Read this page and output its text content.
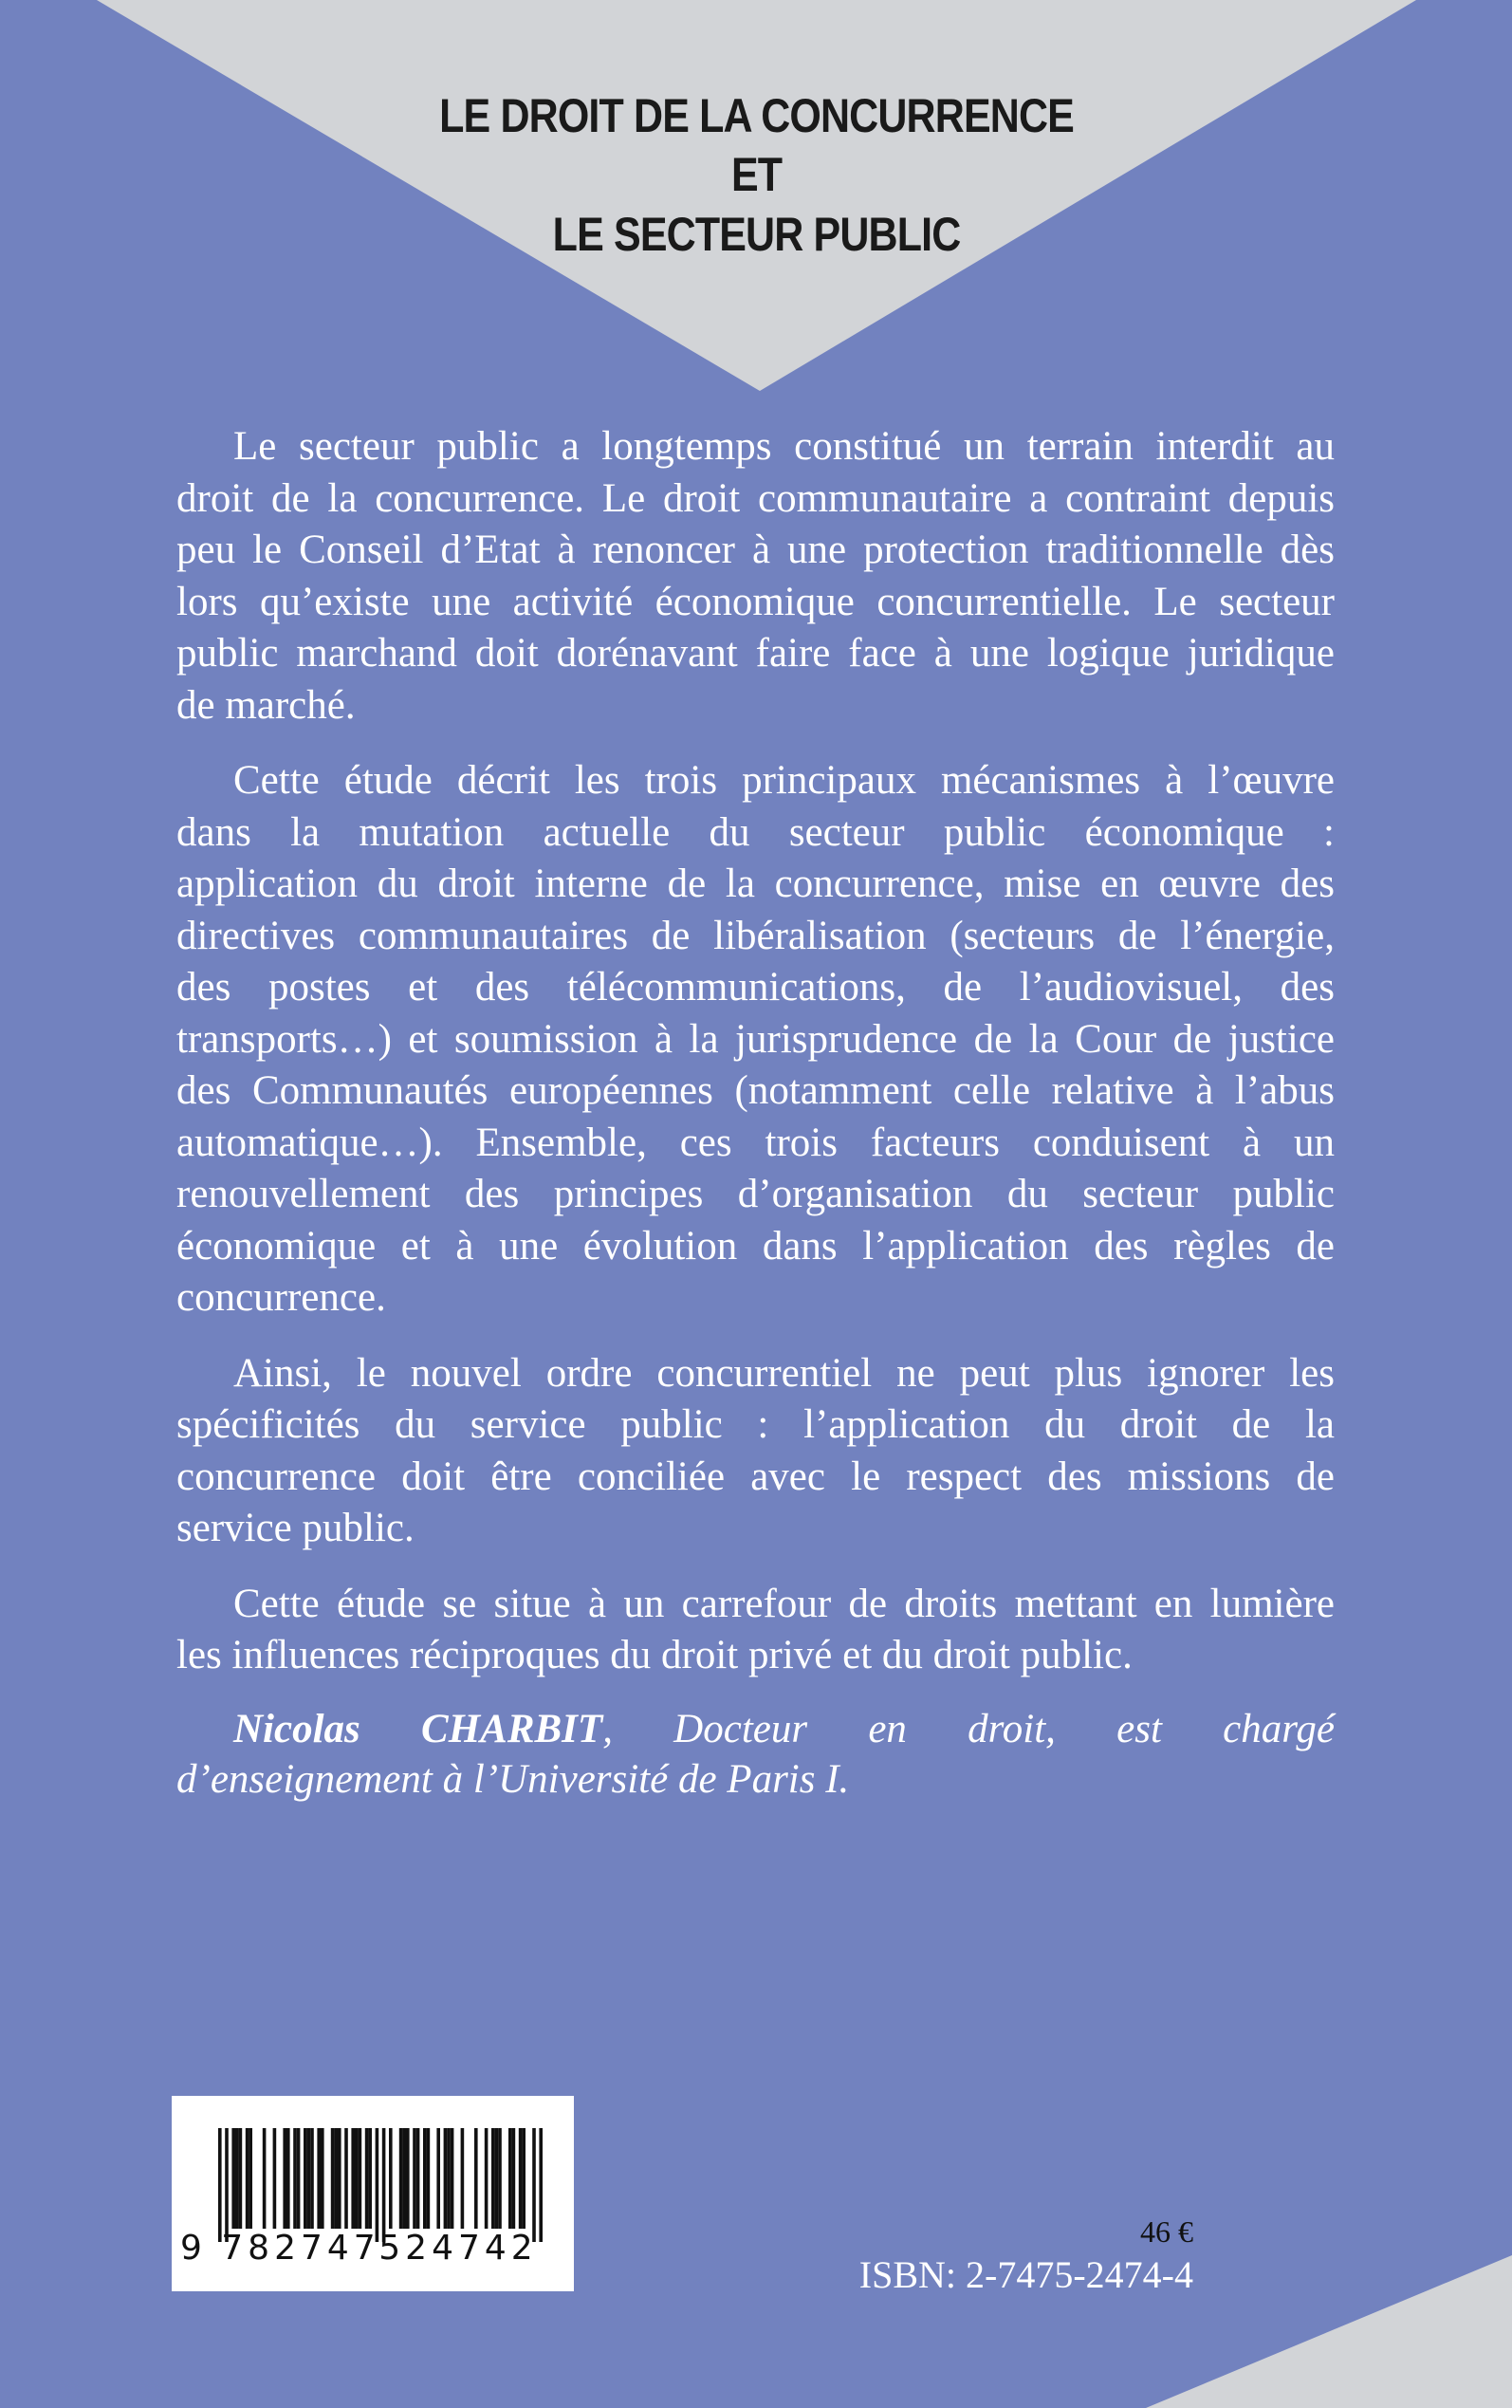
LE DROIT DE LA CONCURRENCE
ET
LE SECTEUR PUBLIC
Le secteur public a longtemps constitué un terrain interdit au
droit de la concurrence. Le droit communautaire a contraint depuis
peu le Conseil d’Etat à renoncer à une protection traditionnelle dès
lors qu’existe une activité économique concurrentielle. Le secteur
public marchand doit dorénavant faire face à une logique juridique
de marché.
Cette étude décrit les trois principaux mécanismes à l’œuvre
dans la mutation actuelle du secteur public économique :
application du droit interne de la concurrence, mise en œuvre des
directives communautaires de libéralisation (secteurs de l’énergie,
des postes et des télécommunications, de l’audiovisuel, des
transports…) et soumission à la jurisprudence de la Cour de justice
des Communautés européennes (notamment celle relative à l’abus
automatique…). Ensemble, ces trois facteurs conduisent à un
renouvellement des principes d’organisation du secteur public
économique et à une évolution dans l’application des règles de
concurrence.
Ainsi, le nouvel ordre concurrentiel ne peut plus ignorer les
spécificités du service public : l’application du droit de la
concurrence doit être conciliée avec le respect des missions de
service public.
Cette étude se situe à un carrefour de droits mettant en lumière
les influences réciproques du droit privé et du droit public.
Nicolas CHARBIT, Docteur en droit, est chargé
d’enseignement à l’Université de Paris I.
9 782747
524742	46 €
ISBN: 2-7475-2474-4
